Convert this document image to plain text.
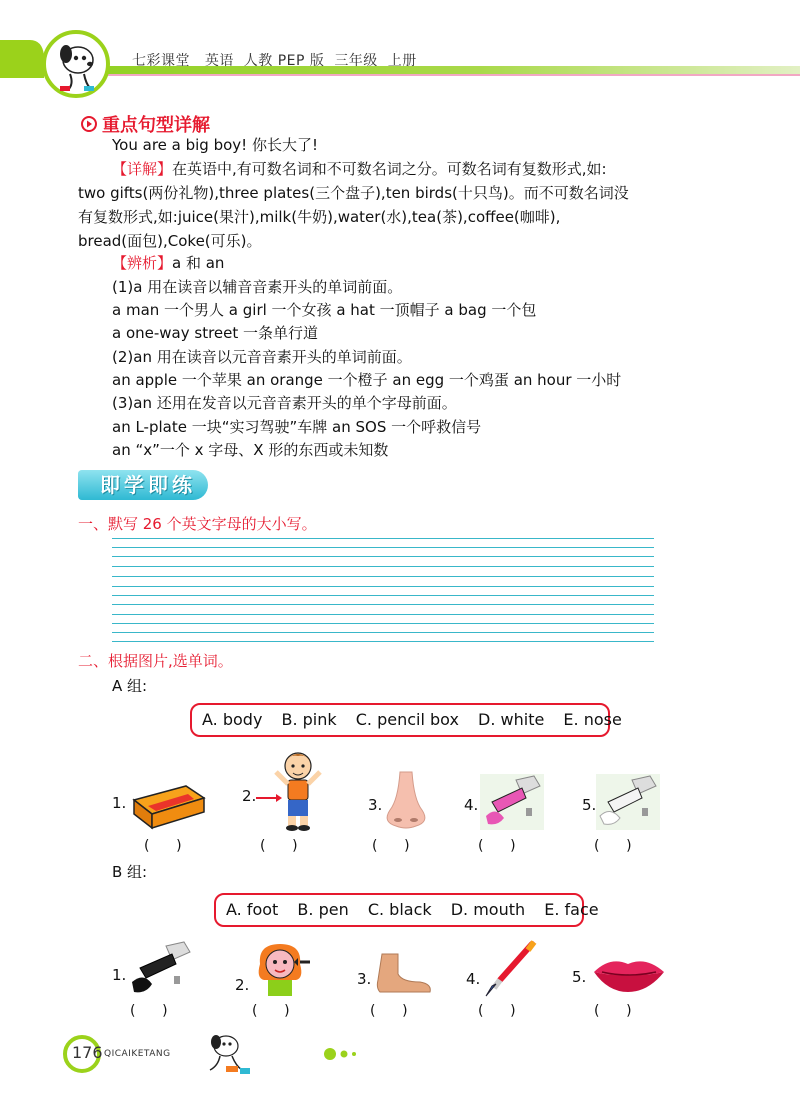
七彩课堂 英语 人教 PEP 版 三年级 上册
重点句型详解
You are a big boy! 你长大了!
【详解】在英语中,有可数名词和不可数名词之分。可数名词有复数形式,如:
two gifts(两份礼物),three plates(三个盘子),ten birds(十只鸟)。而不可数名词没
有复数形式,如:juice(果汁),milk(牛奶),water(水),tea(茶),coffee(咖啡),
bread(面包),Coke(可乐)。
【辨析】a 和 an
(1)a 用在读音以辅音音素开头的单词前面。
a man 一个男人 a girl 一个女孩 a hat 一顶帽子 a bag 一个包
a one-way street 一条单行道
(2)an 用在读音以元音音素开头的单词前面。
an apple 一个苹果 an orange 一个橙子 an egg 一个鸡蛋 an hour 一小时
(3)an 还用在发音以元音音素开头的单个字母前面。
an L-plate 一块“实习驾驶”车牌 an SOS 一个呼救信号
an “x”一个 x 字母、X 形的东西或未知数
即学即练
一、默写 26 个英文字母的大小写。
二、根据图片,选单词。
A 组:
A. body B. pink C. pencil box D. white E. nose
1.
(      )
2.
(      )
3.
(      )
4.
(      )
5.
(      )
B 组:
A. foot B. pen C. black D. mouth E. face
1.
(      )
2.
(      )
3.
(      )
4.
(      )
5.
(      )
176 QICAIKETANG
